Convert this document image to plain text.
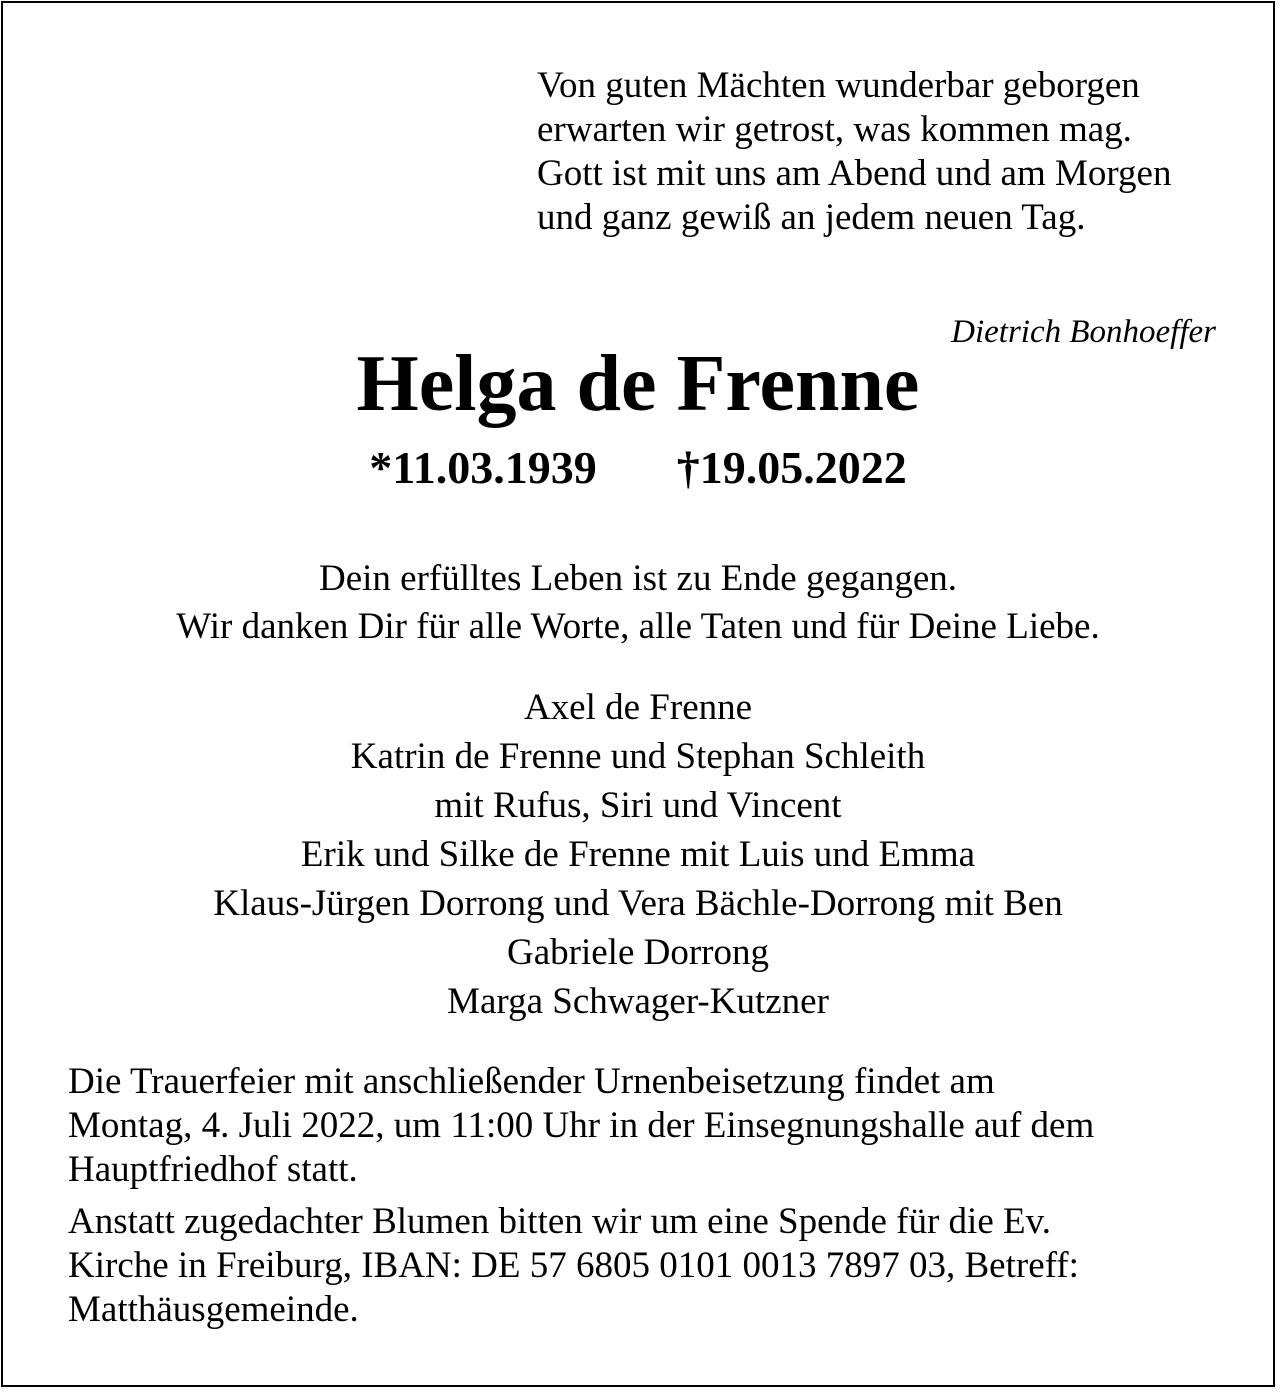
Von guten Mächten wunderbar geborgen
erwarten wir getrost, was kommen mag.
Gott ist mit uns am Abend und am Morgen
und ganz gewiß an jedem neuen Tag.
Dietrich Bonhoeffer
Helga de Frenne
*11.03.1939 †19.05.2022
Dein erfülltes Leben ist zu Ende gegangen.
Wir danken Dir für alle Worte, alle Taten und für Deine Liebe.
Axel de Frenne
Katrin de Frenne und Stephan Schleith
mit Rufus, Siri und Vincent
Erik und Silke de Frenne mit Luis und Emma
Klaus-Jürgen Dorrong und Vera Bächle-Dorrong mit Ben
Gabriele Dorrong
Marga Schwager-Kutzner
Die Trauerfeier mit anschließender Urnenbeisetzung findet am
Montag, 4. Juli 2022, um 11:00 Uhr in der Einsegnungshalle auf dem
Hauptfriedhof statt.
Anstatt zugedachter Blumen bitten wir um eine Spende für die Ev.
Kirche in Freiburg, IBAN: DE 57 6805 0101 0013 7897 03, Betreff:
Matthäusgemeinde.
